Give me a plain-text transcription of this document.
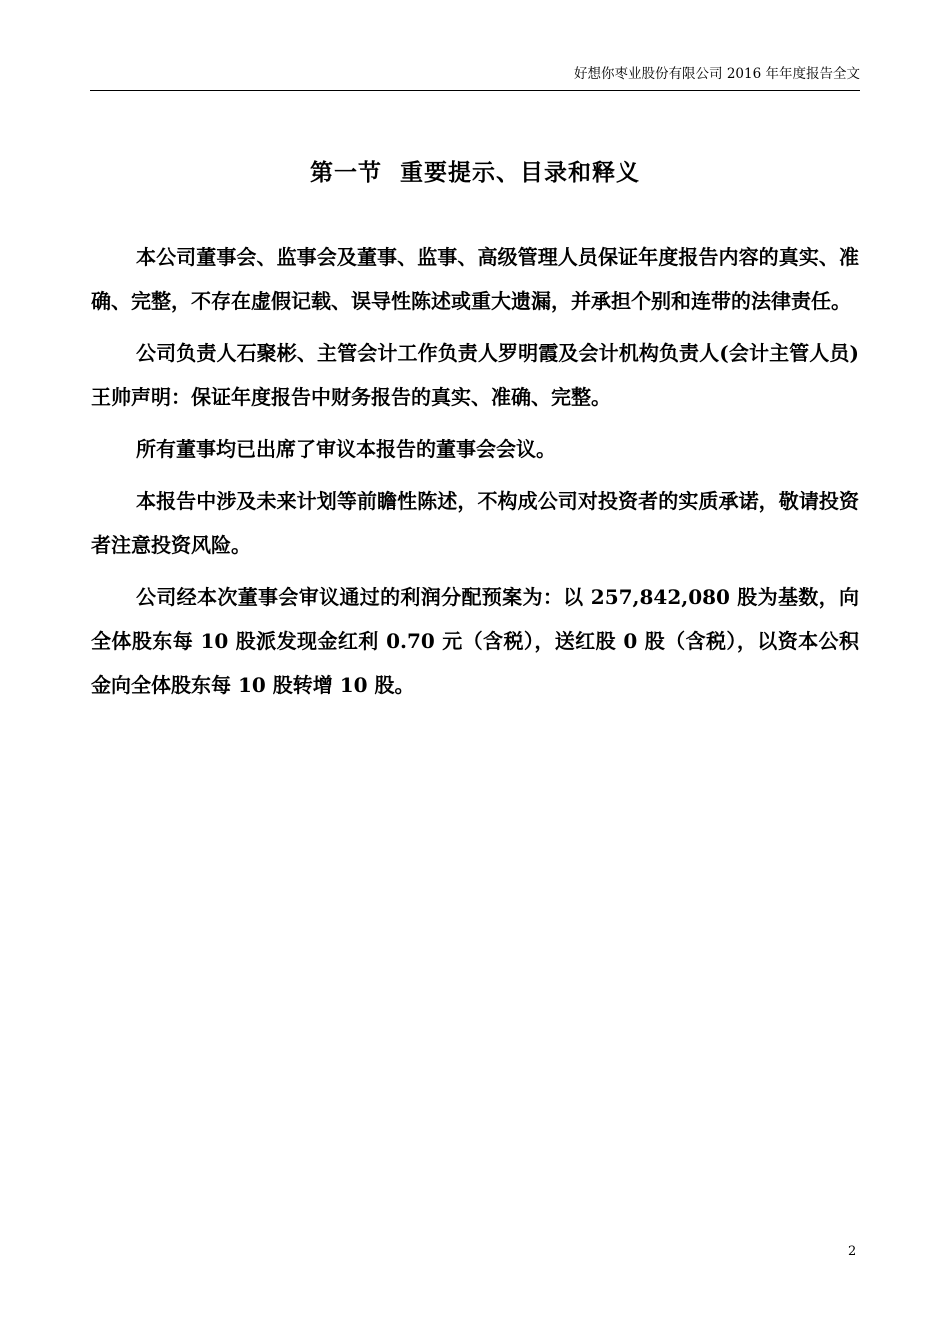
好想你枣业股份有限公司 2016 年年度报告全文
第一节  重要提示、目录和释义

本公司董事会、监事会及董事、监事、高级管理人员保证年度报告内容的真实、准确、完整，不存在虚假记载、误导性陈述或重大遗漏，并承担个别和连带的法律责任。

公司负责人石聚彬、主管会计工作负责人罗明霞及会计机构负责人(会计主管人员)王帅声明：保证年度报告中财务报告的真实、准确、完整。

所有董事均已出席了审议本报告的董事会会议。

本报告中涉及未来计划等前瞻性陈述，不构成公司对投资者的实质承诺，敬请投资者注意投资风险。

公司经本次董事会审议通过的利润分配预案为：以 257,842,080 股为基数，向全体股东每 10 股派发现金红利 0.70 元（含税），送红股 0 股（含税），以资本公积金向全体股东每 10 股转增 10 股。

2
